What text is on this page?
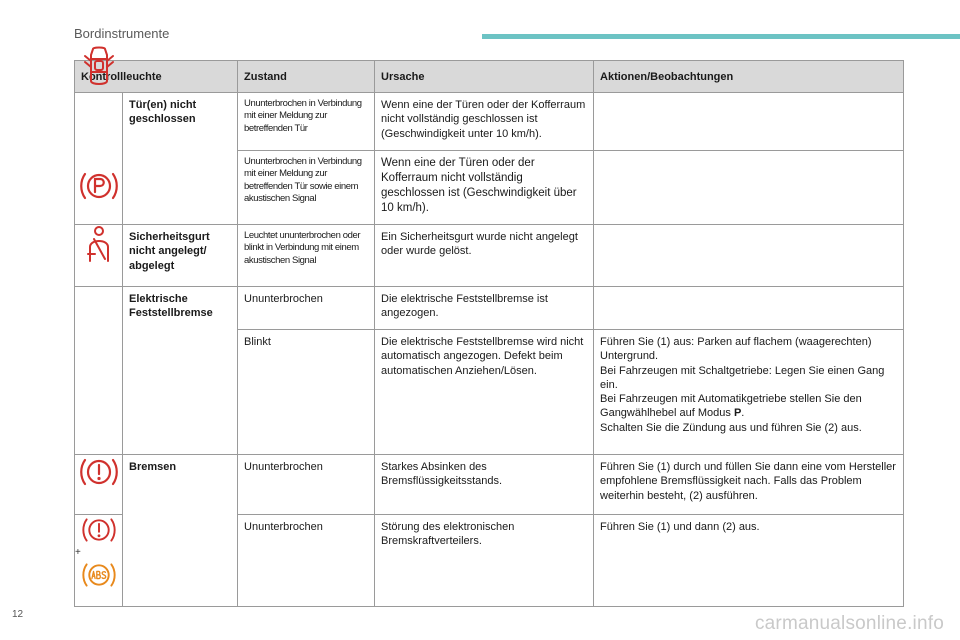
Bordinstrumente
Kontrollleuchte		Zustand	Ursache	Aktionen/Beobachtungen

	Tür(en) nicht geschlossen	Ununterbrochen in Verbindung mit einer Meldung zur betreffenden Tür	Wenn eine der Türen oder der Kofferraum nicht vollständig geschlossen ist (Geschwindigkeit unter 10 km/h).	
		Ununterbrochen in Verbindung mit einer Meldung zur betreffenden Tür sowie einem akustischen Signal	Wenn eine der Türen oder der Kofferraum nicht vollständig geschlossen ist (Geschwindigkeit über 10 km/h).	

	Sicherheitsgurt nicht angelegt/ abgelegt	Leuchtet ununterbrochen oder blinkt in Verbindung mit einem akustischen Signal	Ein Sicherheitsgurt wurde nicht angelegt oder wurde gelöst.	

	Elektrische Feststellbremse	Ununterbrochen	Die elektrische Feststellbremse ist angezogen.	
		Blinkt	Die elektrische Feststellbremse wird nicht automatisch angezogen. Defekt beim automatischen Anziehen/Lösen.	Führen Sie (1) aus: Parken auf flachem (waagerechten) Untergrund.
Bei Fahrzeugen mit Schaltgetriebe: Legen Sie einen Gang ein.
Bei Fahrzeugen mit Automatikgetriebe stellen Sie den Gangwählhebel auf Modus P.
Schalten Sie die Zündung aus und führen Sie (2) aus.

	Bremsen	Ununterbrochen	Starkes Absinken des Bremsflüssigkeitsstands.	Führen Sie (1) durch und füllen Sie dann eine vom Hersteller empfohlene Bremsflüssigkeit nach. Falls das Problem weiterhin besteht, (2) ausführen.

+		Ununterbrochen	Störung des elektronischen Bremskraftverteilers.	Führen Sie (1) und dann (2) aus.
12	carmanualsonline.info
